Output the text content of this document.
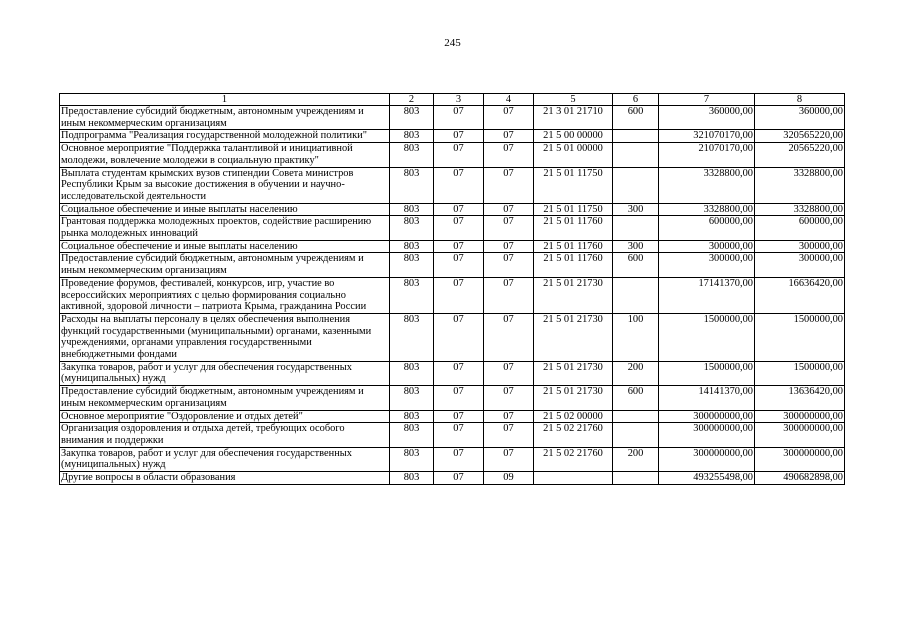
245
1	2	3	4	5	6	7	8
Предоставление субсидий бюджетным, автономным учреждениям и иным некоммерческим организациям	803	07	07	21 3 01 21710	600	360000,00	360000,00
Подпрограмма "Реализация государственной молодежной политики"	803	07	07	21 5 00 00000		321070170,00	320565220,00
Основное мероприятие "Поддержка талантливой и инициативной молодежи, вовлечение молодежи в социальную практику"	803	07	07	21 5 01 00000		21070170,00	20565220,00
Выплата студентам крымских вузов стипендии Совета министров Республики Крым за высокие достижения в обучении и научно-исследовательской деятельности	803	07	07	21 5 01 11750		3328800,00	3328800,00
Социальное обеспечение и иные выплаты населению	803	07	07	21 5 01 11750	300	3328800,00	3328800,00
Грантовая поддержка молодежных проектов, содействие расширению рынка молодежных инноваций	803	07	07	21 5 01 11760		600000,00	600000,00
Социальное обеспечение и иные выплаты населению	803	07	07	21 5 01 11760	300	300000,00	300000,00
Предоставление субсидий бюджетным, автономным учреждениям и иным некоммерческим организациям	803	07	07	21 5 01 11760	600	300000,00	300000,00
Проведение форумов, фестивалей, конкурсов, игр, участие во всероссийских мероприятиях с целью формирования социально активной, здоровой личности – патриота Крыма, гражданина России	803	07	07	21 5 01 21730		17141370,00	16636420,00
Расходы на выплаты персоналу в целях обеспечения выполнения функций государственными (муниципальными) органами, казенными учреждениями, органами управления государственными внебюджетными фондами	803	07	07	21 5 01 21730	100	1500000,00	1500000,00
Закупка товаров, работ и услуг для обеспечения государственных (муниципальных) нужд	803	07	07	21 5 01 21730	200	1500000,00	1500000,00
Предоставление субсидий бюджетным, автономным учреждениям и иным некоммерческим организациям	803	07	07	21 5 01 21730	600	14141370,00	13636420,00
Основное мероприятие "Оздоровление и отдых детей"	803	07	07	21 5 02 00000		300000000,00	300000000,00
Организация оздоровления и отдыха детей, требующих особого внимания и поддержки	803	07	07	21 5 02 21760		300000000,00	300000000,00
Закупка товаров, работ и услуг для обеспечения государственных (муниципальных) нужд	803	07	07	21 5 02 21760	200	300000000,00	300000000,00
Другие вопросы в области образования	803	07	09			493255498,00	490682898,00
